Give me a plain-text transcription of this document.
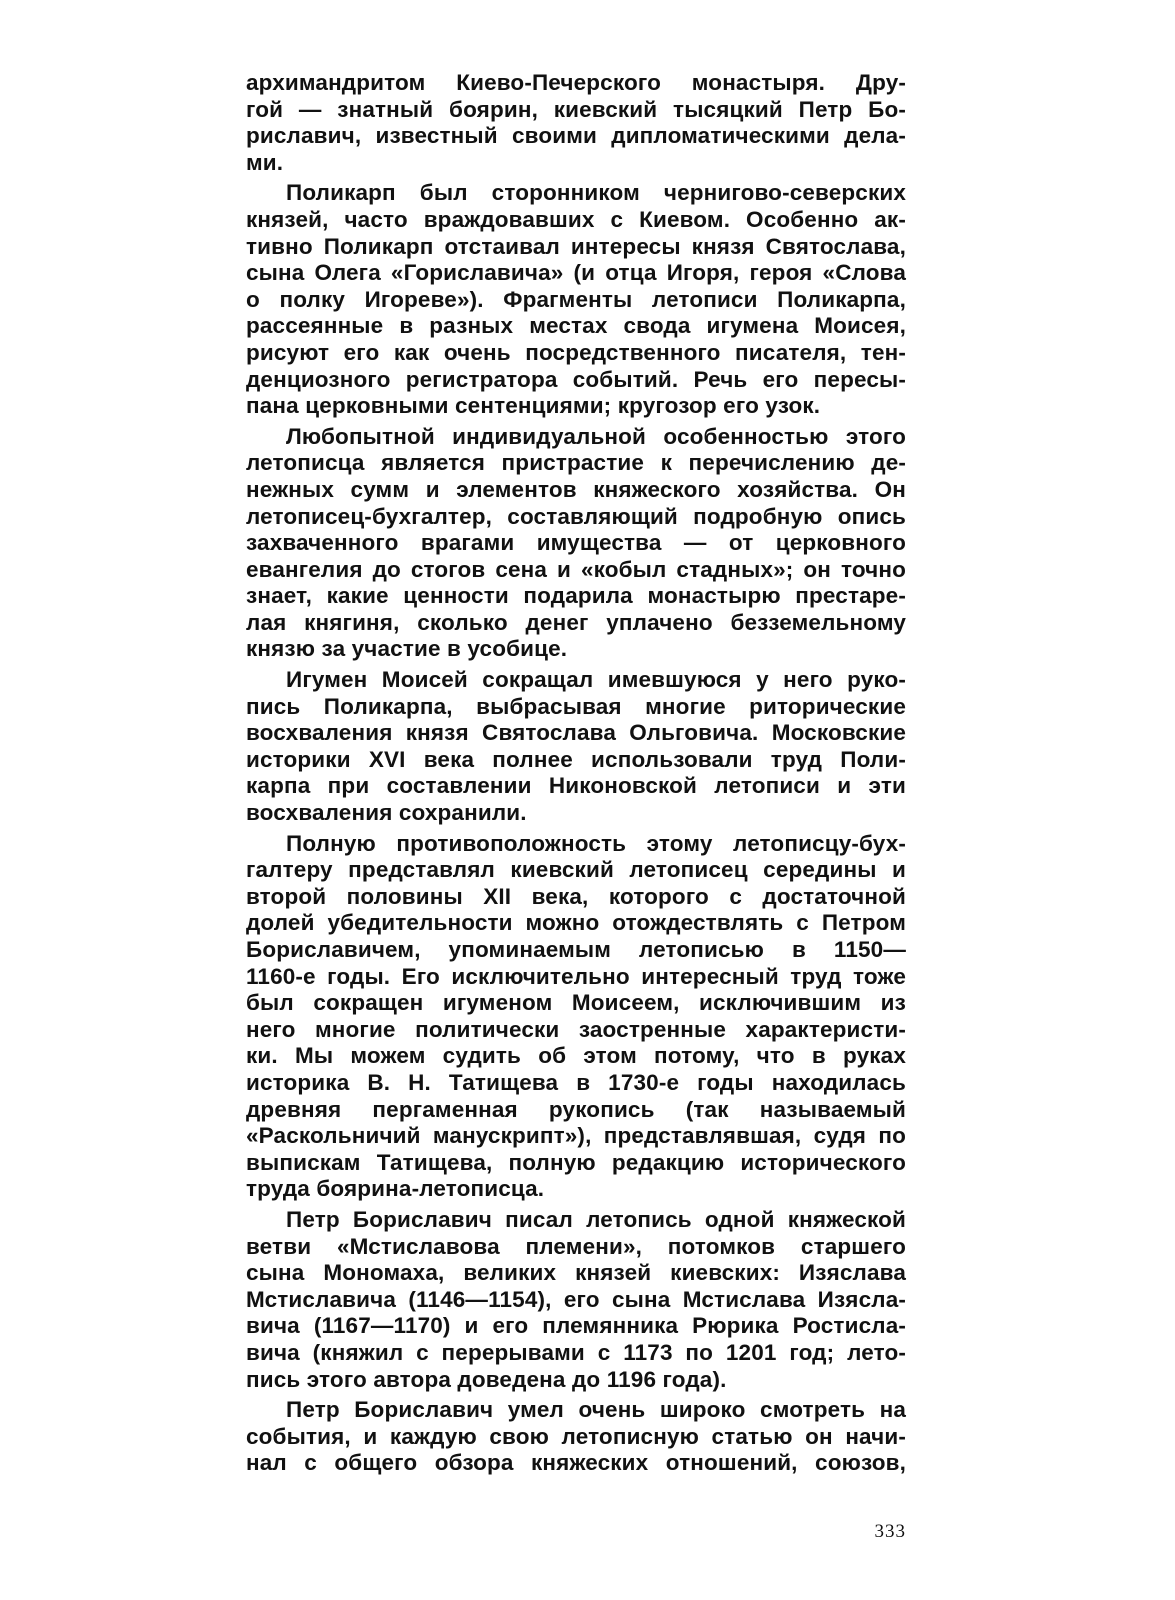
архимандритом Киево-Печерского монастыря. Дру-
гой — знатный боярин, киевский тысяцкий Петр Бо-
риславич, известный своими дипломатическими дела-
ми.
Поликарп был сторонником чернигово-северских
князей, часто враждовавших с Киевом. Особенно ак-
тивно Поликарп отстаивал интересы князя Святослава,
сына Олега «Гориславича» (и отца Игоря, героя «Слова
о полку Игореве»). Фрагменты летописи Поликарпа,
рассеянные в разных местах свода игумена Моисея,
рисуют его как очень посредственного писателя, тен-
денциозного регистратора событий. Речь его пересы-
пана церковными сентенциями; кругозор его узок.
Любопытной индивидуальной особенностью этого
летописца является пристрастие к перечислению де-
нежных сумм и элементов княжеского хозяйства. Он
летописец-бухгалтер, составляющий подробную опись
захваченного врагами имущества — от церковного
евангелия до стогов сена и «кобыл стадных»; он точно
знает, какие ценности подарила монастырю престаре-
лая княгиня, сколько денег уплачено безземельному
князю за участие в усобице.
Игумен Моисей сокращал имевшуюся у него руко-
пись Поликарпа, выбрасывая многие риторические
восхваления князя Святослава Ольговича. Московские
историки XVI века полнее использовали труд Поли-
карпа при составлении Никоновской летописи и эти
восхваления сохранили.
Полную противоположность этому летописцу-бух-
галтеру представлял киевский летописец середины и
второй половины XII века, которого с достаточной
долей убедительности можно отождествлять с Петром
Бориславичем, упоминаемым летописью в 1150—
1160-е годы. Его исключительно интересный труд тоже
был сокращен игуменом Моисеем, исключившим из
него многие политически заостренные характеристи-
ки. Мы можем судить об этом потому, что в руках
историка В. Н. Татищева в 1730-е годы находилась
древняя пергаменная рукопись (так называемый
«Раскольничий манускрипт»), представлявшая, судя по
выпискам Татищева, полную редакцию исторического
труда боярина-летописца.
Петр Бориславич писал летопись одной княжеской
ветви «Мстиславова племени», потомков старшего
сына Мономаха, великих князей киевских: Изяслава
Мстиславича (1146—1154), его сына Мстислава Изясла-
вича (1167—1170) и его племянника Рюрика Ростисла-
вича (княжил с перерывами с 1173 по 1201 год; лето-
пись этого автора доведена до 1196 года).
Петр Бориславич умел очень широко смотреть на
события, и каждую свою летописную статью он начи-
нал с общего обзора княжеских отношений, союзов,
333
